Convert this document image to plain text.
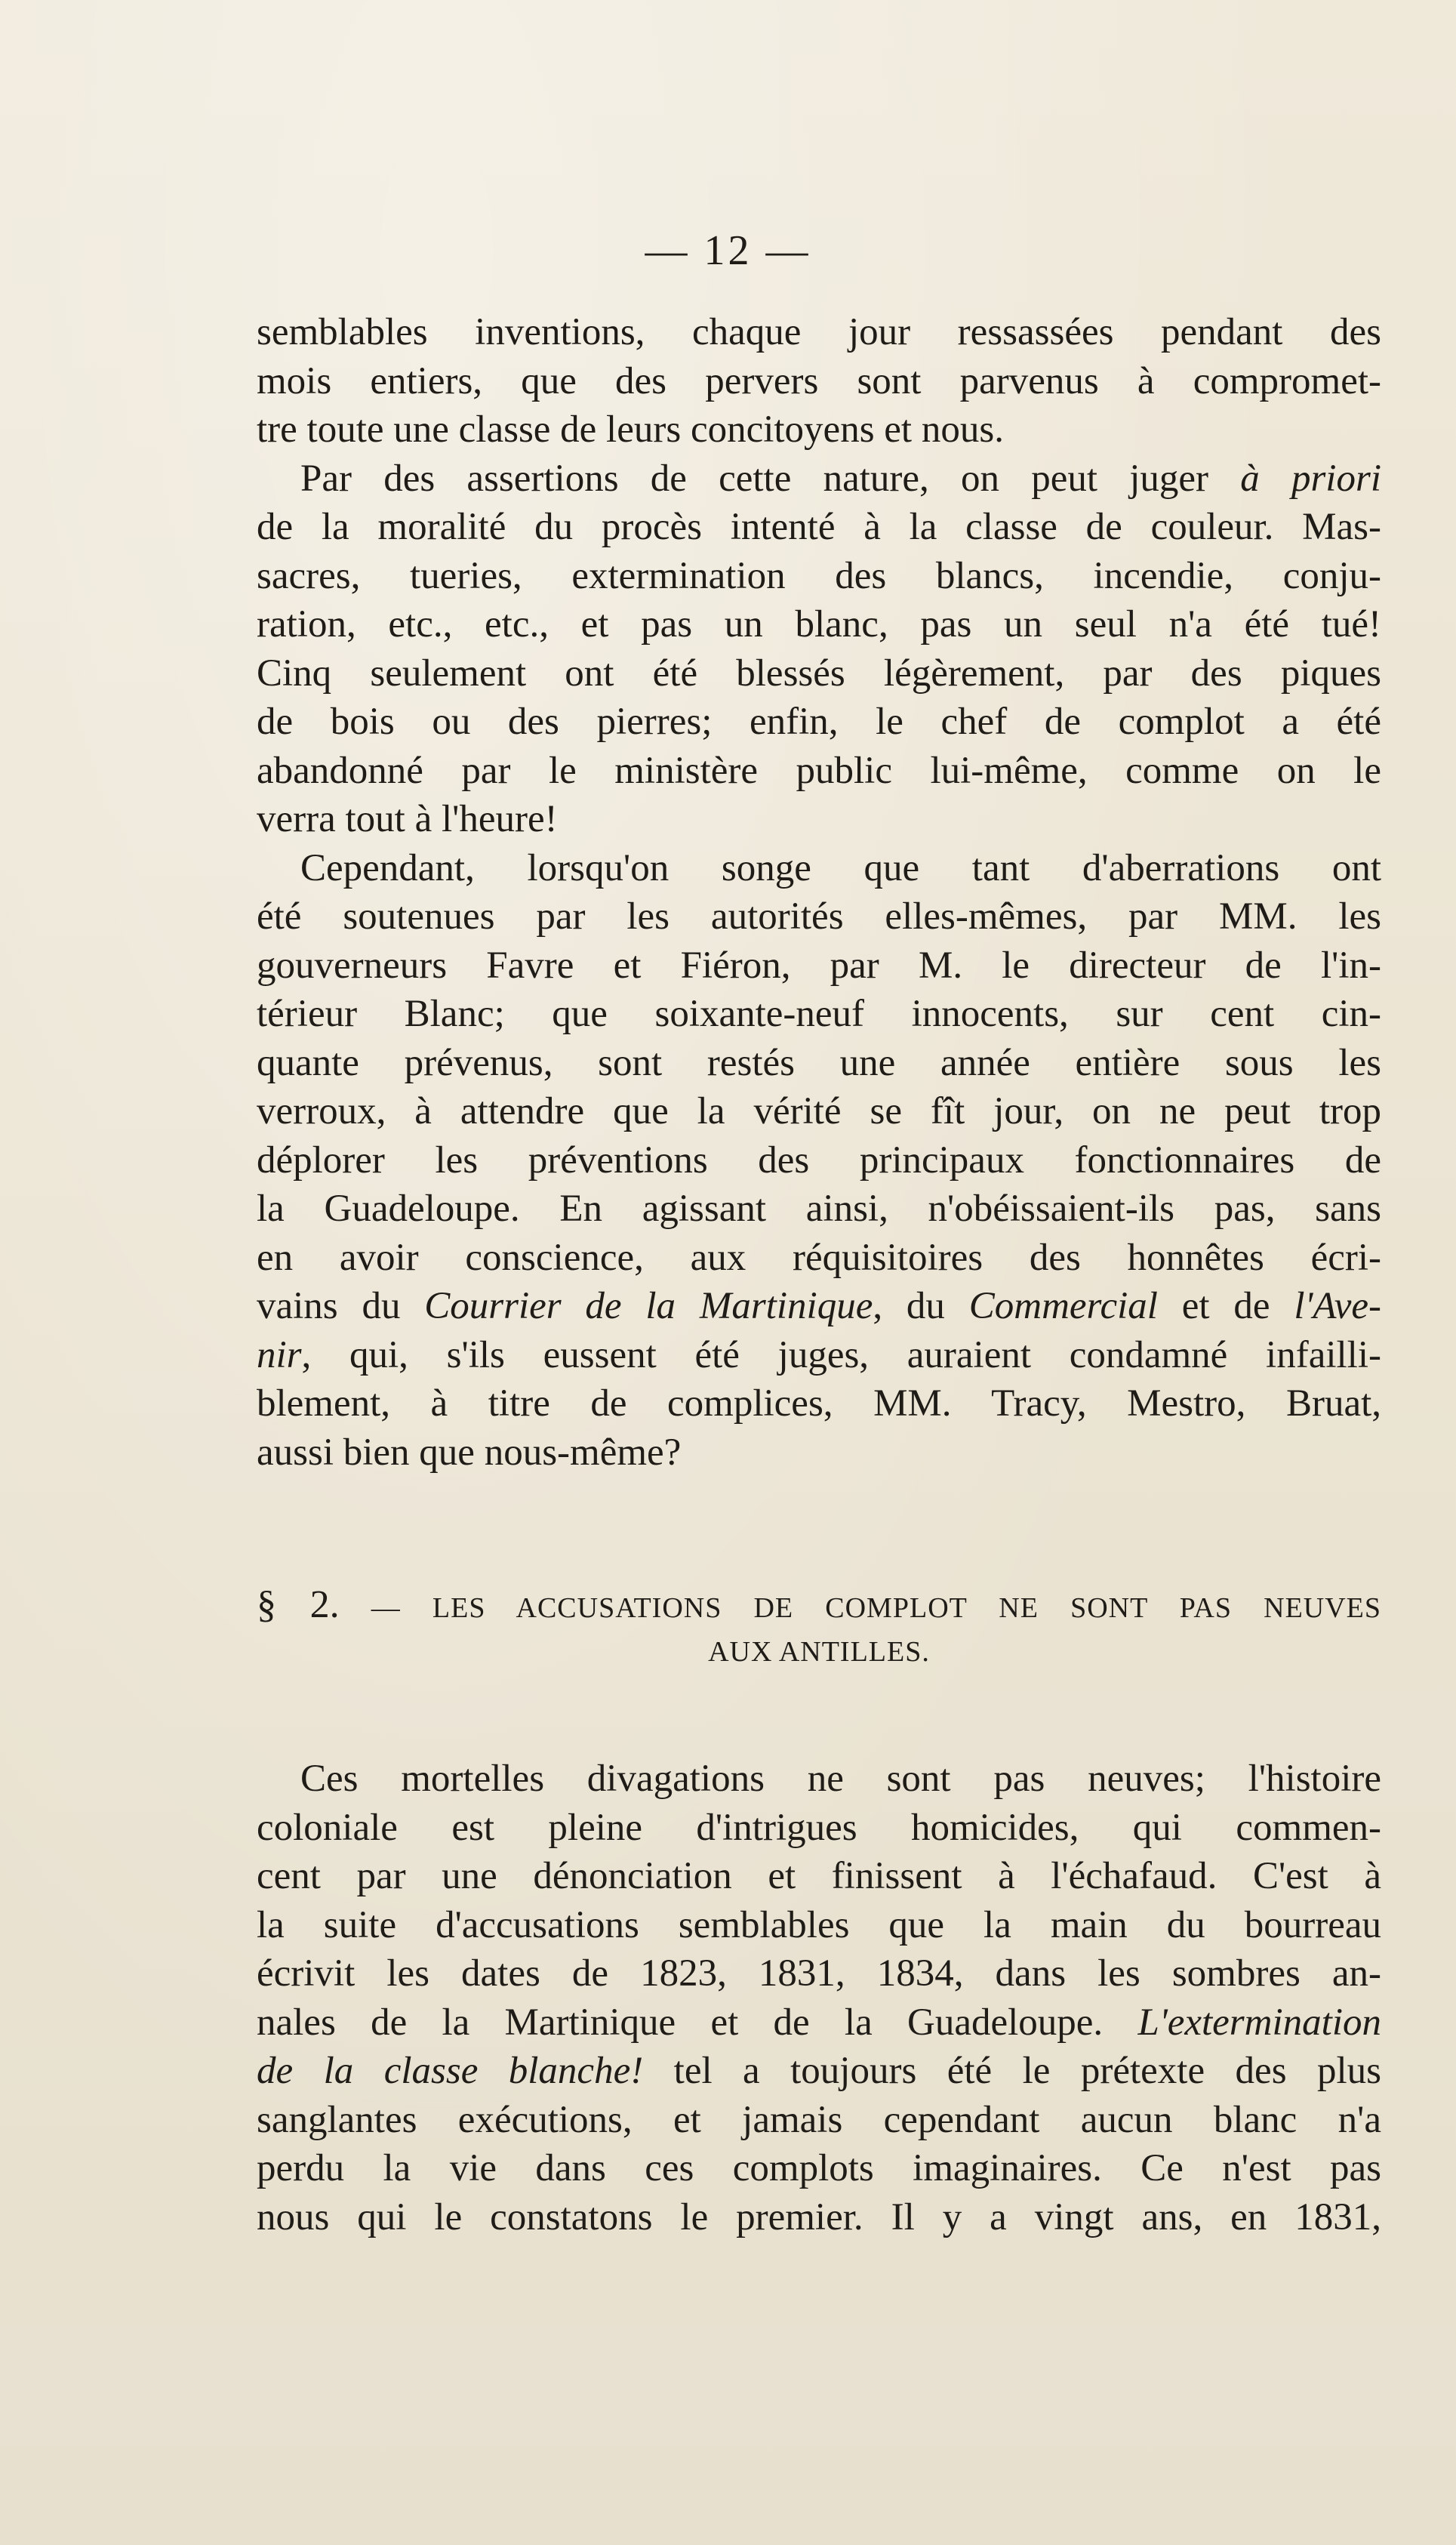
— 12 —
semblables inventions, chaque jour ressassées pendant des
mois entiers, que des pervers sont parvenus à compromet-
tre toute une classe de leurs concitoyens et nous.
Par des assertions de cette nature, on peut juger à priori
de la moralité du procès intenté à la classe de couleur. Mas-
sacres, tueries, extermination des blancs, incendie, conju-
ration, etc., etc., et pas un blanc, pas un seul n'a été tué!
Cinq seulement ont été blessés légèrement, par des piques
de bois ou des pierres; enfin, le chef de complot a été
abandonné par le ministère public lui-même, comme on le
verra tout à l'heure!
Cependant, lorsqu'on songe que tant d'aberrations ont
été soutenues par les autorités elles-mêmes, par MM. les
gouverneurs Favre et Fiéron, par M. le directeur de l'in-
térieur Blanc; que soixante-neuf innocents, sur cent cin-
quante prévenus, sont restés une année entière sous les
verroux, à attendre que la vérité se fît jour, on ne peut trop
déplorer les préventions des principaux fonctionnaires de
la Guadeloupe. En agissant ainsi, n'obéissaient-ils pas, sans
en avoir conscience, aux réquisitoires des honnêtes écri-
vains du Courrier de la Martinique, du Commercial et de l'Ave-
nir, qui, s'ils eussent été juges, auraient condamné infailli-
blement, à titre de complices, MM. Tracy, Mestro, Bruat,
aussi bien que nous-même?
§ 2. — LES ACCUSATIONS DE COMPLOT NE SONT PAS NEUVES
AUX ANTILLES.
Ces mortelles divagations ne sont pas neuves; l'histoire
coloniale est pleine d'intrigues homicides, qui commen-
cent par une dénonciation et finissent à l'échafaud. C'est à
la suite d'accusations semblables que la main du bourreau
écrivit les dates de 1823, 1831, 1834, dans les sombres an-
nales de la Martinique et de la Guadeloupe. L'extermination
de la classe blanche! tel a toujours été le prétexte des plus
sanglantes exécutions, et jamais cependant aucun blanc n'a
perdu la vie dans ces complots imaginaires. Ce n'est pas
nous qui le constatons le premier. Il y a vingt ans, en 1831,
